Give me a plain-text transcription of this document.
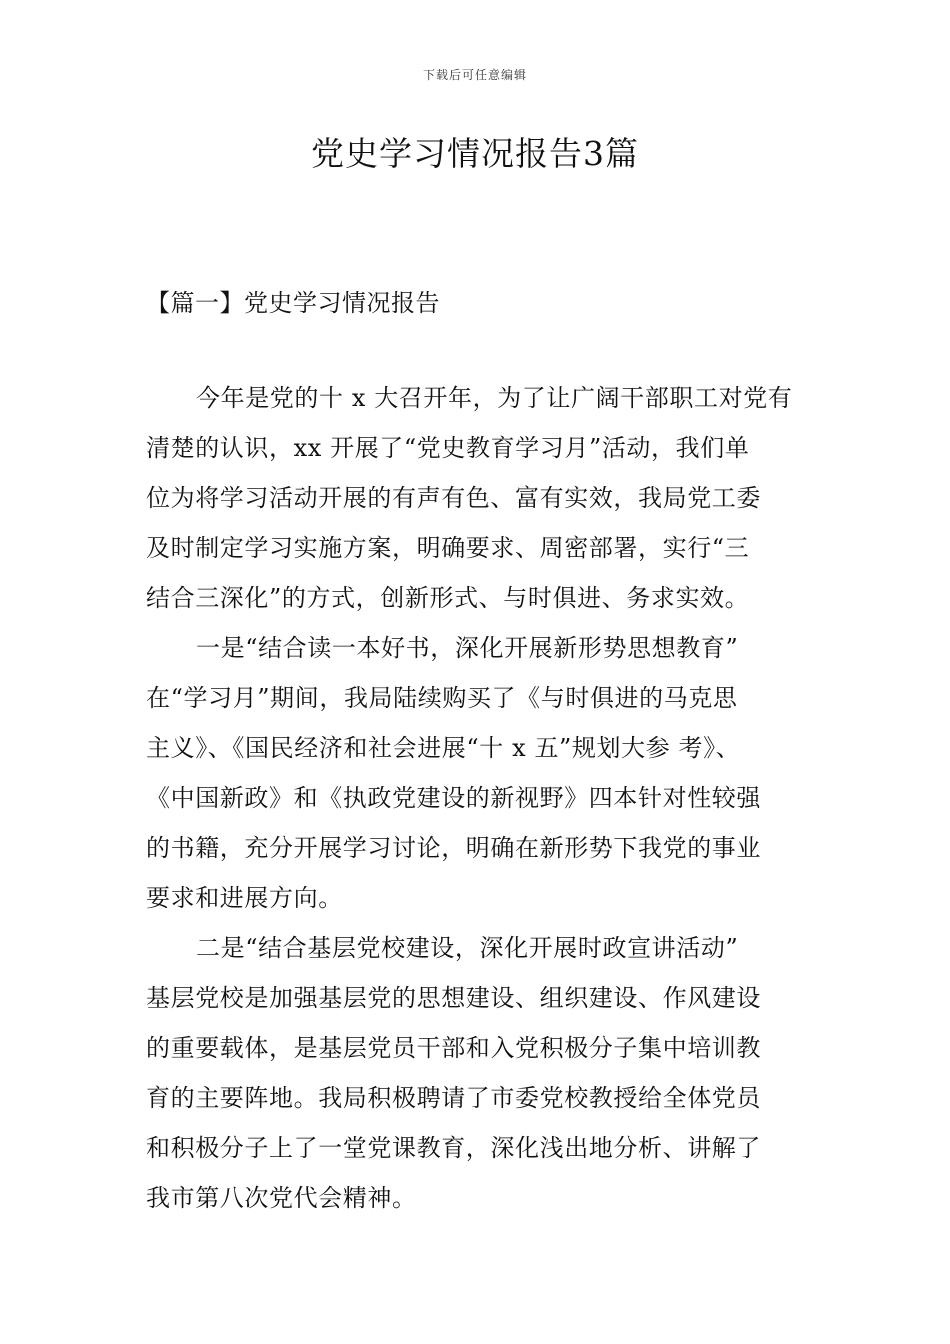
下载后可任意编辑
党史学习情况报告3篇
【篇一】党史学习情况报告
今年是党的十 x 大召开年，为了让广阔干部职工对党有
清楚的认识，xx 开展了“党史教育学习月”活动，我们单
位为将学习活动开展的有声有色、富有实效，我局党工委
及时制定学习实施方案，明确要求、周密部署，实行“三
结合三深化”的方式，创新形式、与时俱进、务求实效。
一是“结合读一本好书，深化开展新形势思想教育”
在“学习月”期间，我局陆续购买了《与时俱进的马克思
主义》、《国民经济和社会进展“十 x 五”规划大参 考》、
《中国新政》和《执政党建设的新视野》四本针对性较强
的书籍，充分开展学习讨论，明确在新形势下我党的事业
要求和进展方向。
二是“结合基层党校建设，深化开展时政宣讲活动”
基层党校是加强基层党的思想建设、组织建设、作风建设
的重要载体，是基层党员干部和入党积极分子集中培训教
育的主要阵地。我局积极聘请了市委党校教授给全体党员
和积极分子上了一堂党课教育，深化浅出地分析、讲解了
我市第八次党代会精神。
